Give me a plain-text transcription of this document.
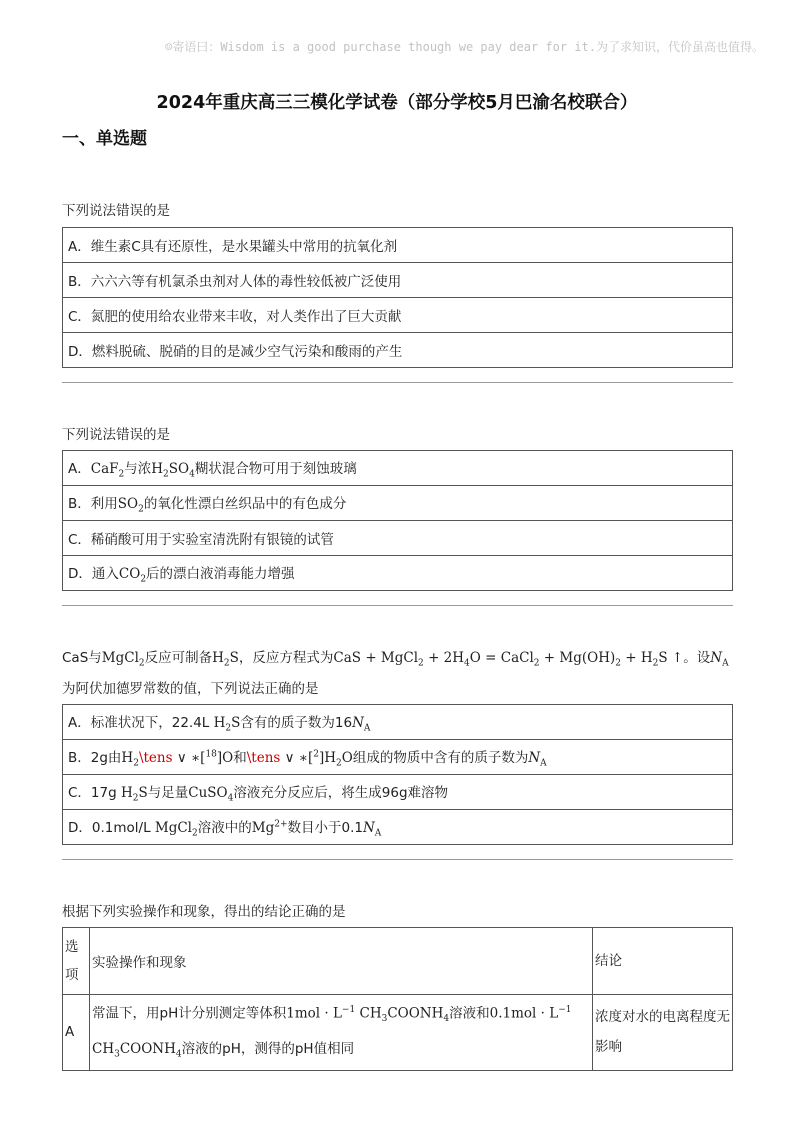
☺寄语曰：Wisdom is a good purchase though we pay dear for it.为了求知识，代价虽高也值得。
2024年重庆高三三模化学试卷（部分学校5月巴渝名校联合）
一、单选题
下列说法错误的是
A．维生素C具有还原性，是水果罐头中常用的抗氧化剂
B．六六六等有机氯杀虫剂对人体的毒性较低被广泛使用
C．氮肥的使用给农业带来丰收，对人类作出了巨大贡献
D．燃料脱硫、脱硝的目的是减少空气污染和酸雨的产生
下列说法错误的是
A．CaF$_2$与浓$H_2SO_4$糊状混合物可用于刻蚀玻璃
B．利用$SO_2$的氧化性漂白丝织品中的有色成分
C．稀硝酸可用于实验室清洗附有银镜的试管
D．通入$CO_2$后的漂白液消毒能力增强
CaS与MgCl$_2$反应可制备$H_2S$，反应方程式为CaS + MgCl$_2$ + $2H_4O$ = CaCl$_2$ + $Mg(OH)_2 + H_2S$ ↑。设$N_A$
为阿伏加德罗常数的值，下列说法正确的是
A．标准状况下，22.4L $H_2S$含有的质子数为$16N_A$
B．2g由$H_2\backslash tens$ ∨ ∗[$^{18}$]O和\tens ∨ $∗[^2]H_2O$组成的物质中含有的质子数为$N_A$
C．17g $H_2S$与足量CuSO$_4$溶液充分反应后，将生成96g难溶物
D．0.1mol/L MgCl$_2$溶液中的$Mg^{2+}$数目小于$0.1N_A$
根据下列实验操作和现象，得出的结论正确的是
选项	实验操作和现象	结论
A	常温下，用pH计分别测定等体积$1mol \cdot L^{-1}$ $CH_3COONH_4$溶液和$0.1mol \cdot L^{-1}$
$CH_3COONH_4$溶液的pH，测得的pH值相同	浓度对水的电离程度无影响
